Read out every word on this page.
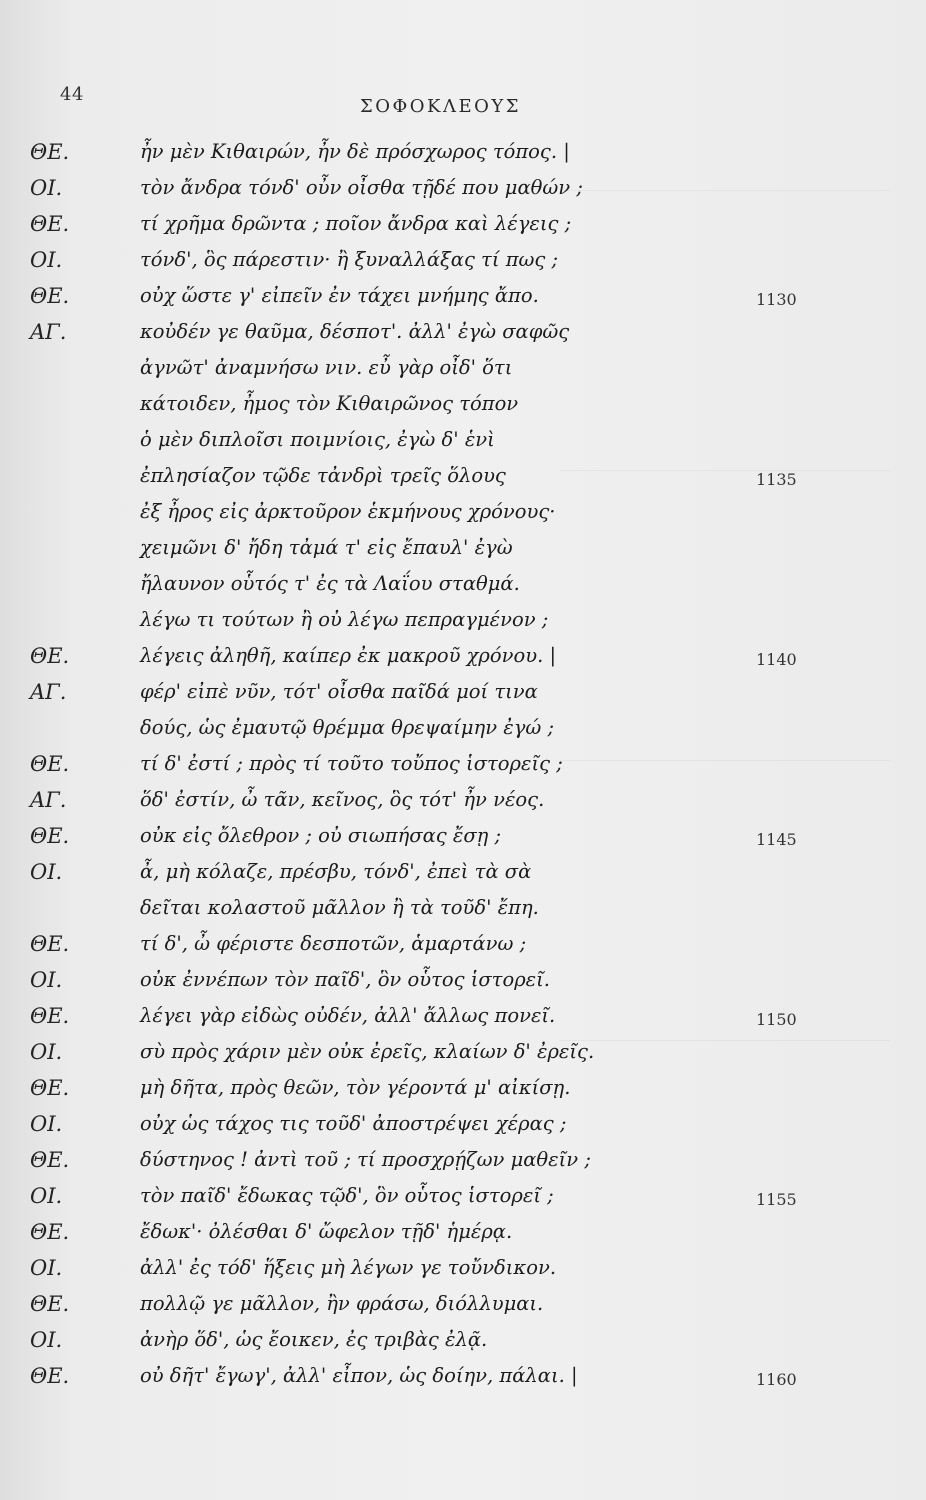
44
ΣΟΦΟΚΛΕΟΥΣ
ΘΕ.	ἦν μὲν Κιθαιρών, ἦν δὲ πρόσχωρος τόπος. |
ΟΙ.	τὸν ἄνδρα τόνδ' οὖν οἶσθα τῇδέ που μαθών ;
ΘΕ.	τί χρῆμα δρῶντα ; ποῖον ἄνδρα καὶ λέγεις ;
ΟΙ.	τόνδ', ὃς πάρεστιν· ἢ ξυναλλάξας τί πως ;
ΘΕ.	οὐχ ὥστε γ' εἰπεῖν ἐν τάχει μνήμης ἄπο.
ΑΓ.	κοὐδέν γε θαῦμα, δέσποτ'. ἀλλ' ἐγὼ σαφῶς
ἀγνῶτ' ἀναμνήσω νιν. εὖ γὰρ οἶδ' ὅτι
κάτοιδεν, ἦμος τὸν Κιθαιρῶνος τόπον
ὁ μὲν διπλοῖσι ποιμνίοις, ἐγὼ δ' ἑνὶ
ἐπλησίαζον τῷδε τἀνδρὶ τρεῖς ὅλους
ἐξ ἦρος εἰς ἀρκτοῦρον ἑκμήνους χρόνους·
χειμῶνι δ' ἤδη τἀμά τ' εἰς ἔπαυλ' ἐγὼ
ἤλαυνον οὗτός τ' ἐς τὰ Λαΐου σταθμά.
λέγω τι τούτων ἢ οὐ λέγω πεπραγμένον ;
ΘΕ.	λέγεις ἀληθῆ, καίπερ ἐκ μακροῦ χρόνου. |
ΑΓ.	φέρ' εἰπὲ νῦν, τότ' οἶσθα παῖδά μοί τινα
δούς, ὡς ἐμαυτῷ θρέμμα θρεψαίμην ἐγώ ;
ΘΕ.	τί δ' ἐστί ; πρὸς τί τοῦτο τοὔπος ἱστορεῖς ;
ΑΓ.	ὅδ' ἐστίν, ὦ τᾶν, κεῖνος, ὃς τότ' ἦν νέος.
ΘΕ.	οὐκ εἰς ὄλεθρον ; οὐ σιωπήσας ἔσῃ ;
ΟΙ.	ἆ, μὴ κόλαζε, πρέσβυ, τόνδ', ἐπεὶ τὰ σὰ
δεῖται κολαστοῦ μᾶλλον ἢ τὰ τοῦδ' ἔπη.
ΘΕ.	τί δ', ὦ φέριστε δεσποτῶν, ἁμαρτάνω ;
ΟΙ.	οὐκ ἐννέπων τὸν παῖδ', ὃν οὗτος ἱστορεῖ.
ΘΕ.	λέγει γὰρ εἰδὼς οὐδέν, ἀλλ' ἄλλως πονεῖ.
ΟΙ.	σὺ πρὸς χάριν μὲν οὐκ ἐρεῖς, κλαίων δ' ἐρεῖς.
ΘΕ.	μὴ δῆτα, πρὸς θεῶν, τὸν γέροντά μ' αἰκίσῃ.
ΟΙ.	οὐχ ὡς τάχος τις τοῦδ' ἀποστρέψει χέρας ;
ΘΕ.	δύστηνος ! ἀντὶ τοῦ ; τί προσχρῄζων μαθεῖν ;
ΟΙ.	τὸν παῖδ' ἔδωκας τῷδ', ὃν οὗτος ἱστορεῖ ;
ΘΕ.	ἔδωκ'· ὀλέσθαι δ' ὤφελον τῇδ' ἡμέρᾳ.
ΟΙ.	ἀλλ' ἐς τόδ' ἥξεις μὴ λέγων γε τοὔνδικον.
ΘΕ.	πολλῷ γε μᾶλλον, ἢν φράσω, διόλλυμαι.
ΟΙ.	ἀνὴρ ὅδ', ὡς ἔοικεν, ἐς τριβὰς ἐλᾷ.
ΘΕ.	οὐ δῆτ' ἔγωγ', ἀλλ' εἶπον, ὡς δοίην, πάλαι. |
1130
1135
1140
1145
1150
1155
1160
